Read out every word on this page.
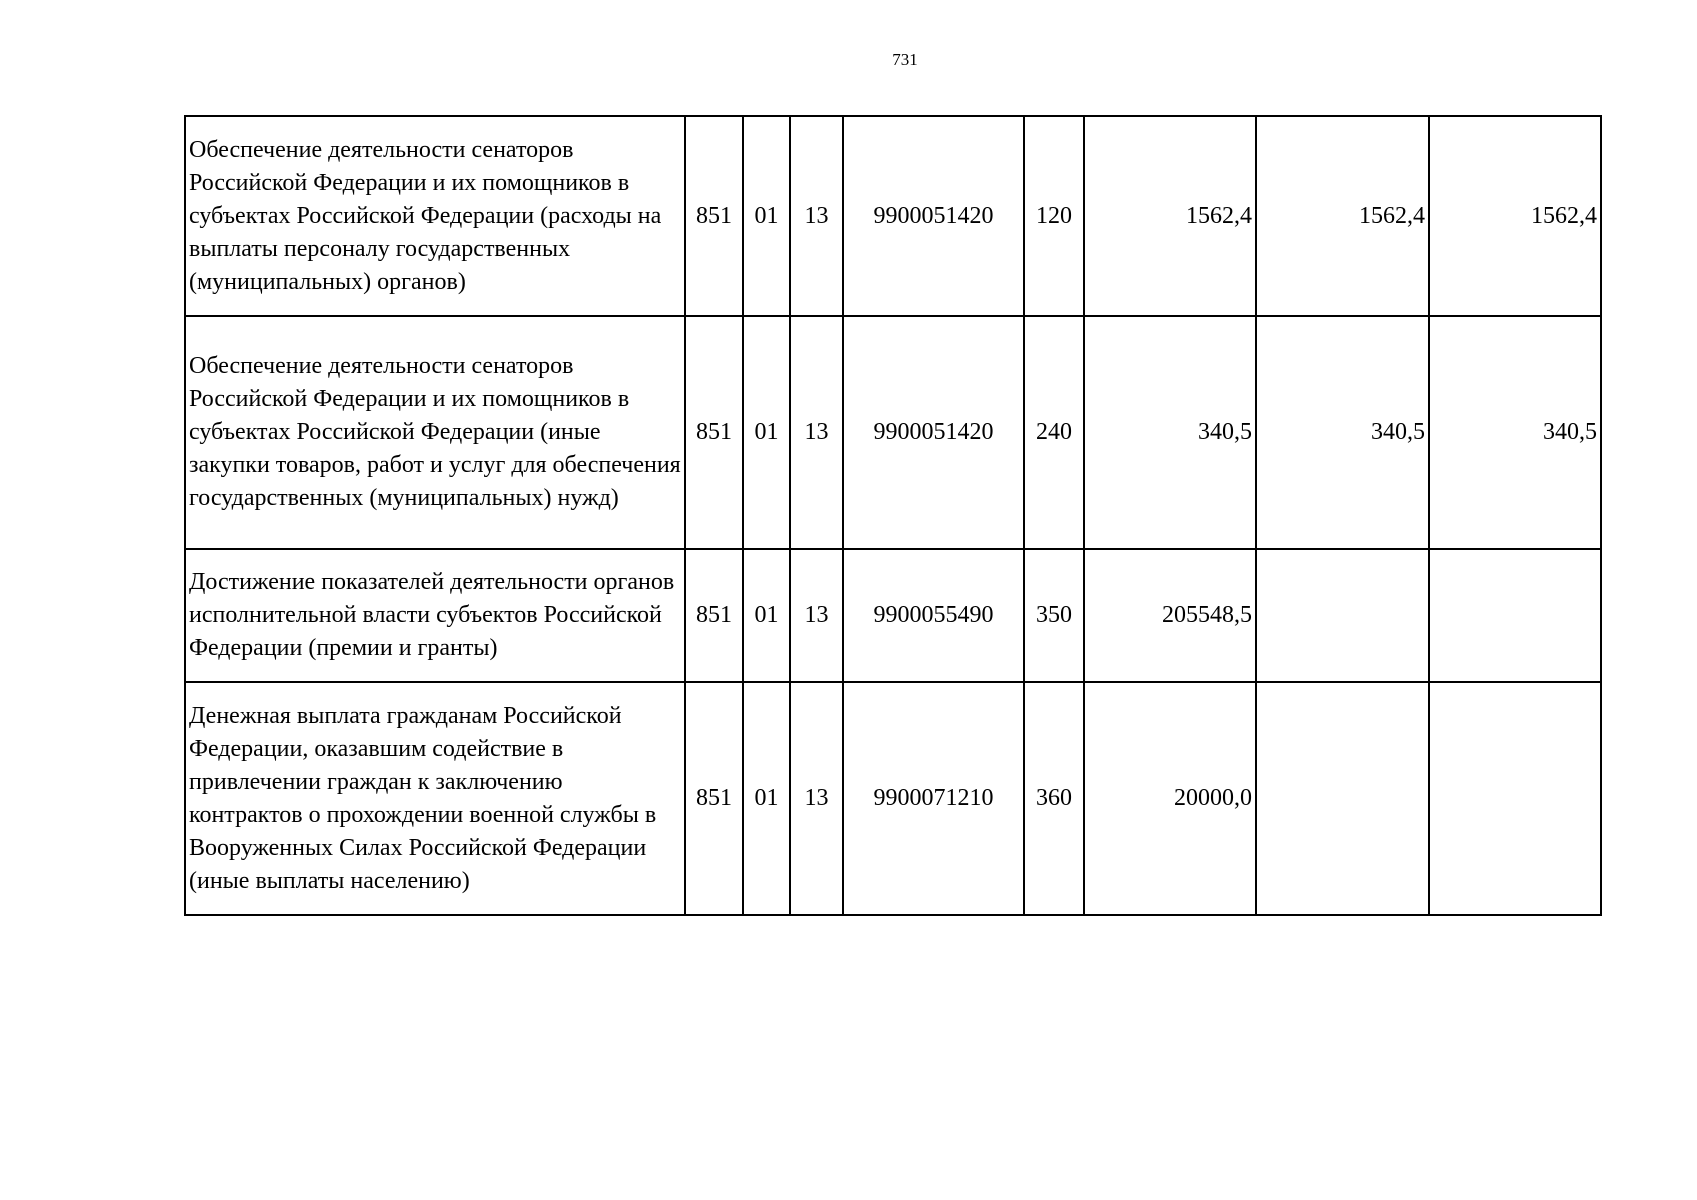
731
Обеспечение деятельности сенаторов Российской Федерации и их помощников в субъектах Российской Федерации (расходы на выплаты персоналу государственных (муниципальных) органов)	851	01	13	9900051420	120	1562,4	1562,4	1562,4
Обеспечение деятельности сенаторов Российской Федерации и их помощников в субъектах Российской Федерации (иные закупки товаров, работ и услуг для обеспечения государственных (муниципальных) нужд)	851	01	13	9900051420	240	340,5	340,5	340,5
Достижение показателей деятельности органов исполнительной власти субъектов Российской Федерации (премии и гранты)	851	01	13	9900055490	350	205548,5		
Денежная выплата гражданам Российской Федерации, оказавшим содействие в привлечении граждан к заключению контрактов о прохождении военной службы в Вооруженных Силах Российской Федерации (иные выплаты населению)	851	01	13	9900071210	360	20000,0		
